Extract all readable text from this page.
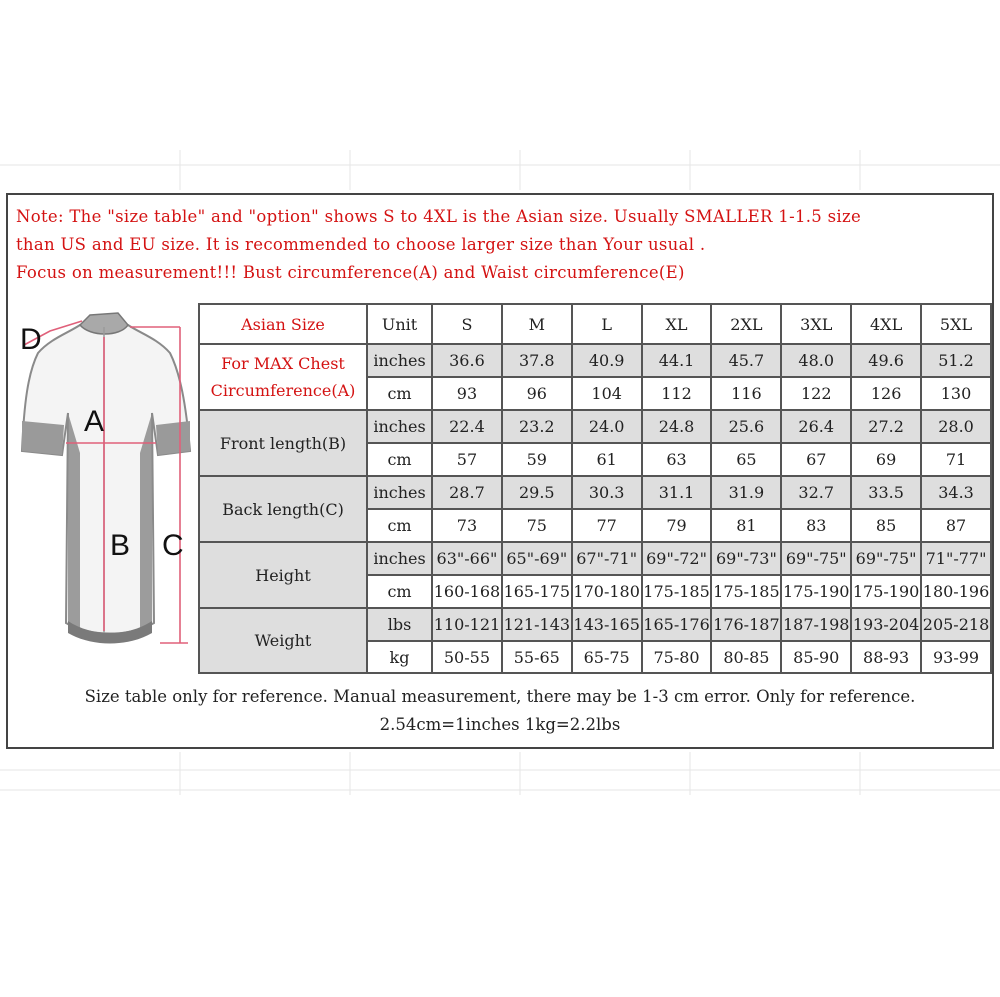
Note: The "size table" and "option" shows S to 4XL is the Asian size. Usually SMALLER 1-1.5 size
than US and EU size. It is recommended to choose larger size than Your usual .
Focus on measurement!!! Bust circumference(A) and Waist circumference(E)
D
A
B C
Asian Size	Unit	S	M	L	XL	2XL	3XL	4XL	5XL

For MAX Chest
Circumference(A)	inches	36.6	37.8	40.9	44.1	45.7	48.0	49.6	51.2
	cm	93	96	104	112	116	122	126	130
Front length(B)	inches	22.4	23.2	24.0	24.8	25.6	26.4	27.2	28.0
	cm	57	59	61	63	65	67	69	71
Back length(C)	inches	28.7	29.5	30.3	31.1	31.9	32.7	33.5	34.3
	cm	73	75	77	79	81	83	85	87
Height	inches	63"-66"	65"-69"	67"-71"	69"-72"	69"-73"	69"-75"	69"-75"	71"-77"
	cm	160-168	165-175	170-180	175-185	175-185	175-190	175-190	180-196
Weight	lbs	110-121	121-143	143-165	165-176	176-187	187-198	193-204	205-218
	kg	50-55	55-65	65-75	75-80	80-85	85-90	88-93	93-99
Size table only for reference. Manual measurement, there may be 1-3 cm error. Only for reference.
2.54cm=1inches 1kg=2.2lbs
